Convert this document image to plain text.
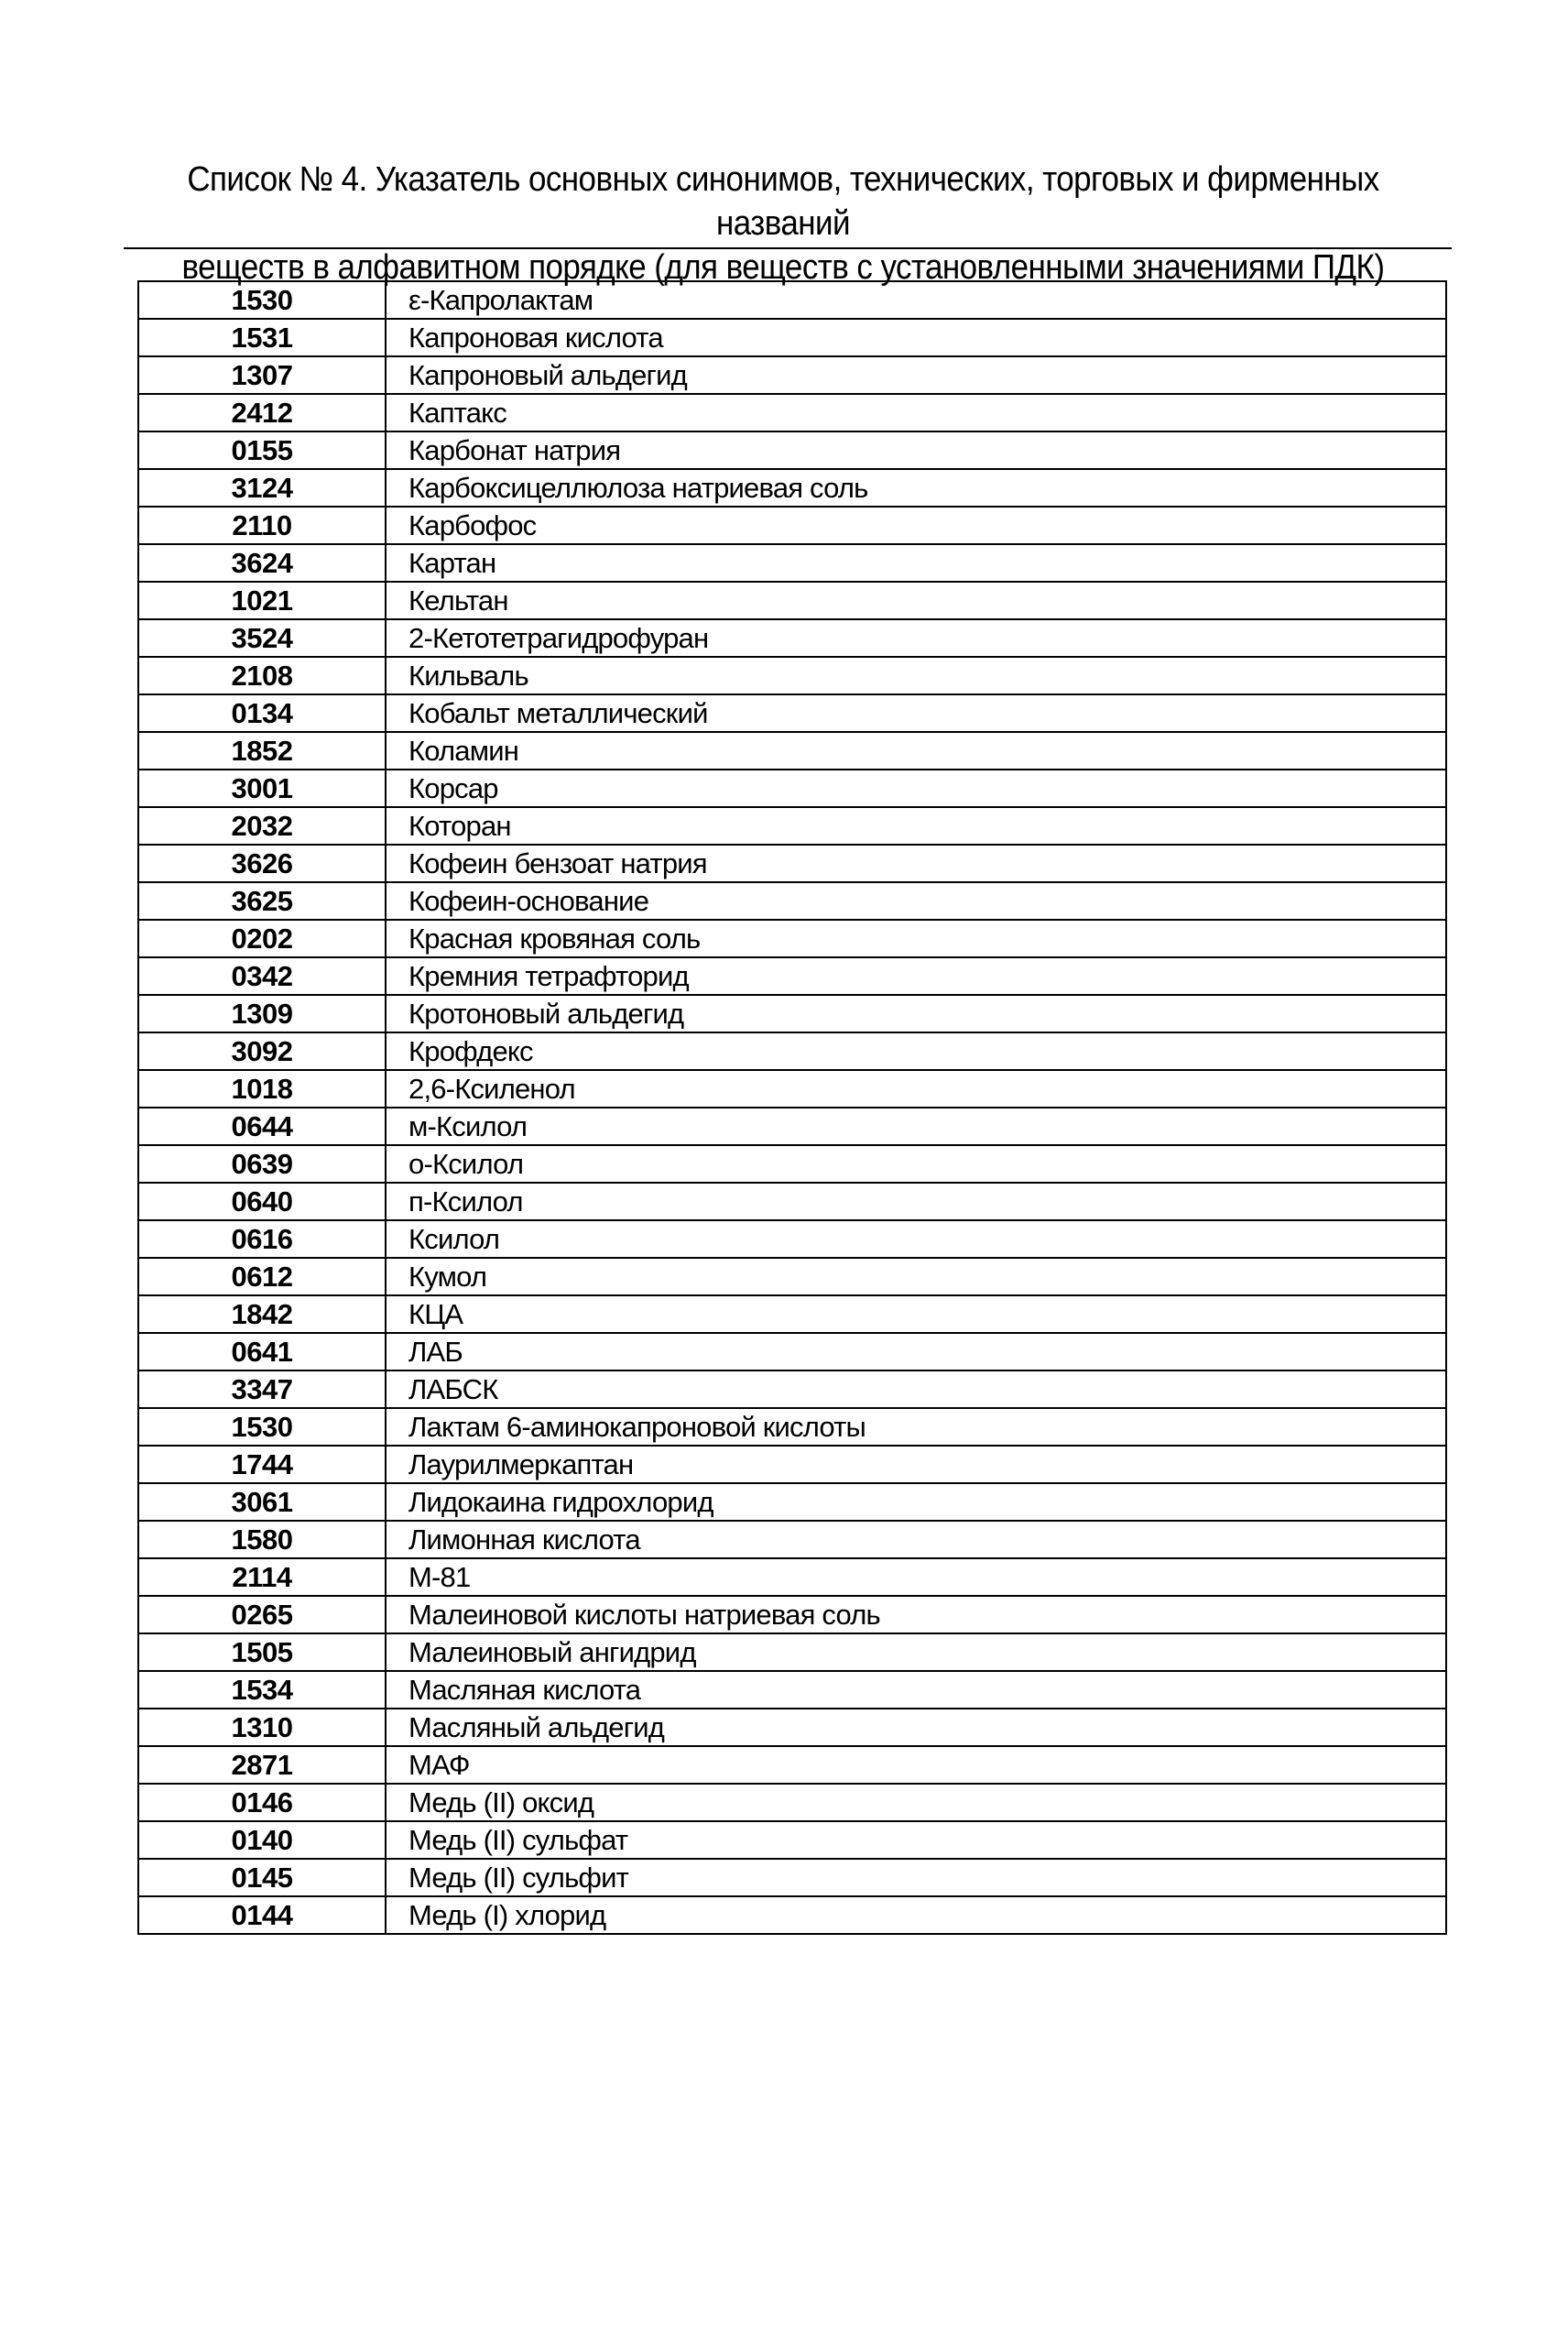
Список № 4. Указатель основных синонимов, технических, торговых и фирменных названий
веществ в алфавитном порядке (для веществ с установленными значениями ПДК)
1530	ε-Капролактам
1531	Капроновая кислота
1307	Капроновый альдегид
2412	Каптакс
0155	Карбонат натрия
3124	Карбоксицеллюлоза натриевая соль
2110	Карбофос
3624	Картан
1021	Кельтан
3524	2-Кетотетрагидрофуран
2108	Кильваль
0134	Кобальт металлический
1852	Коламин
3001	Корсар
2032	Которан
3626	Кофеин бензоат натрия
3625	Кофеин-основание
0202	Красная кровяная соль
0342	Кремния тетрафторид
1309	Кротоновый альдегид
3092	Крофдекс
1018	2,6-Ксиленол
0644	м-Ксилол
0639	о-Ксилол
0640	п-Ксилол
0616	Ксилол
0612	Кумол
1842	КЦА
0641	ЛАБ
3347	ЛАБСК
1530	Лактам 6-аминокапроновой кислоты
1744	Лаурилмеркаптан
3061	Лидокаина гидрохлорид
1580	Лимонная кислота
2114	М-81
0265	Малеиновой кислоты натриевая соль
1505	Малеиновый ангидрид
1534	Масляная кислота
1310	Масляный альдегид
2871	МАФ
0146	Медь (II) оксид
0140	Медь (II) сульфат
0145	Медь (II) сульфит
0144	Медь (I) хлорид
